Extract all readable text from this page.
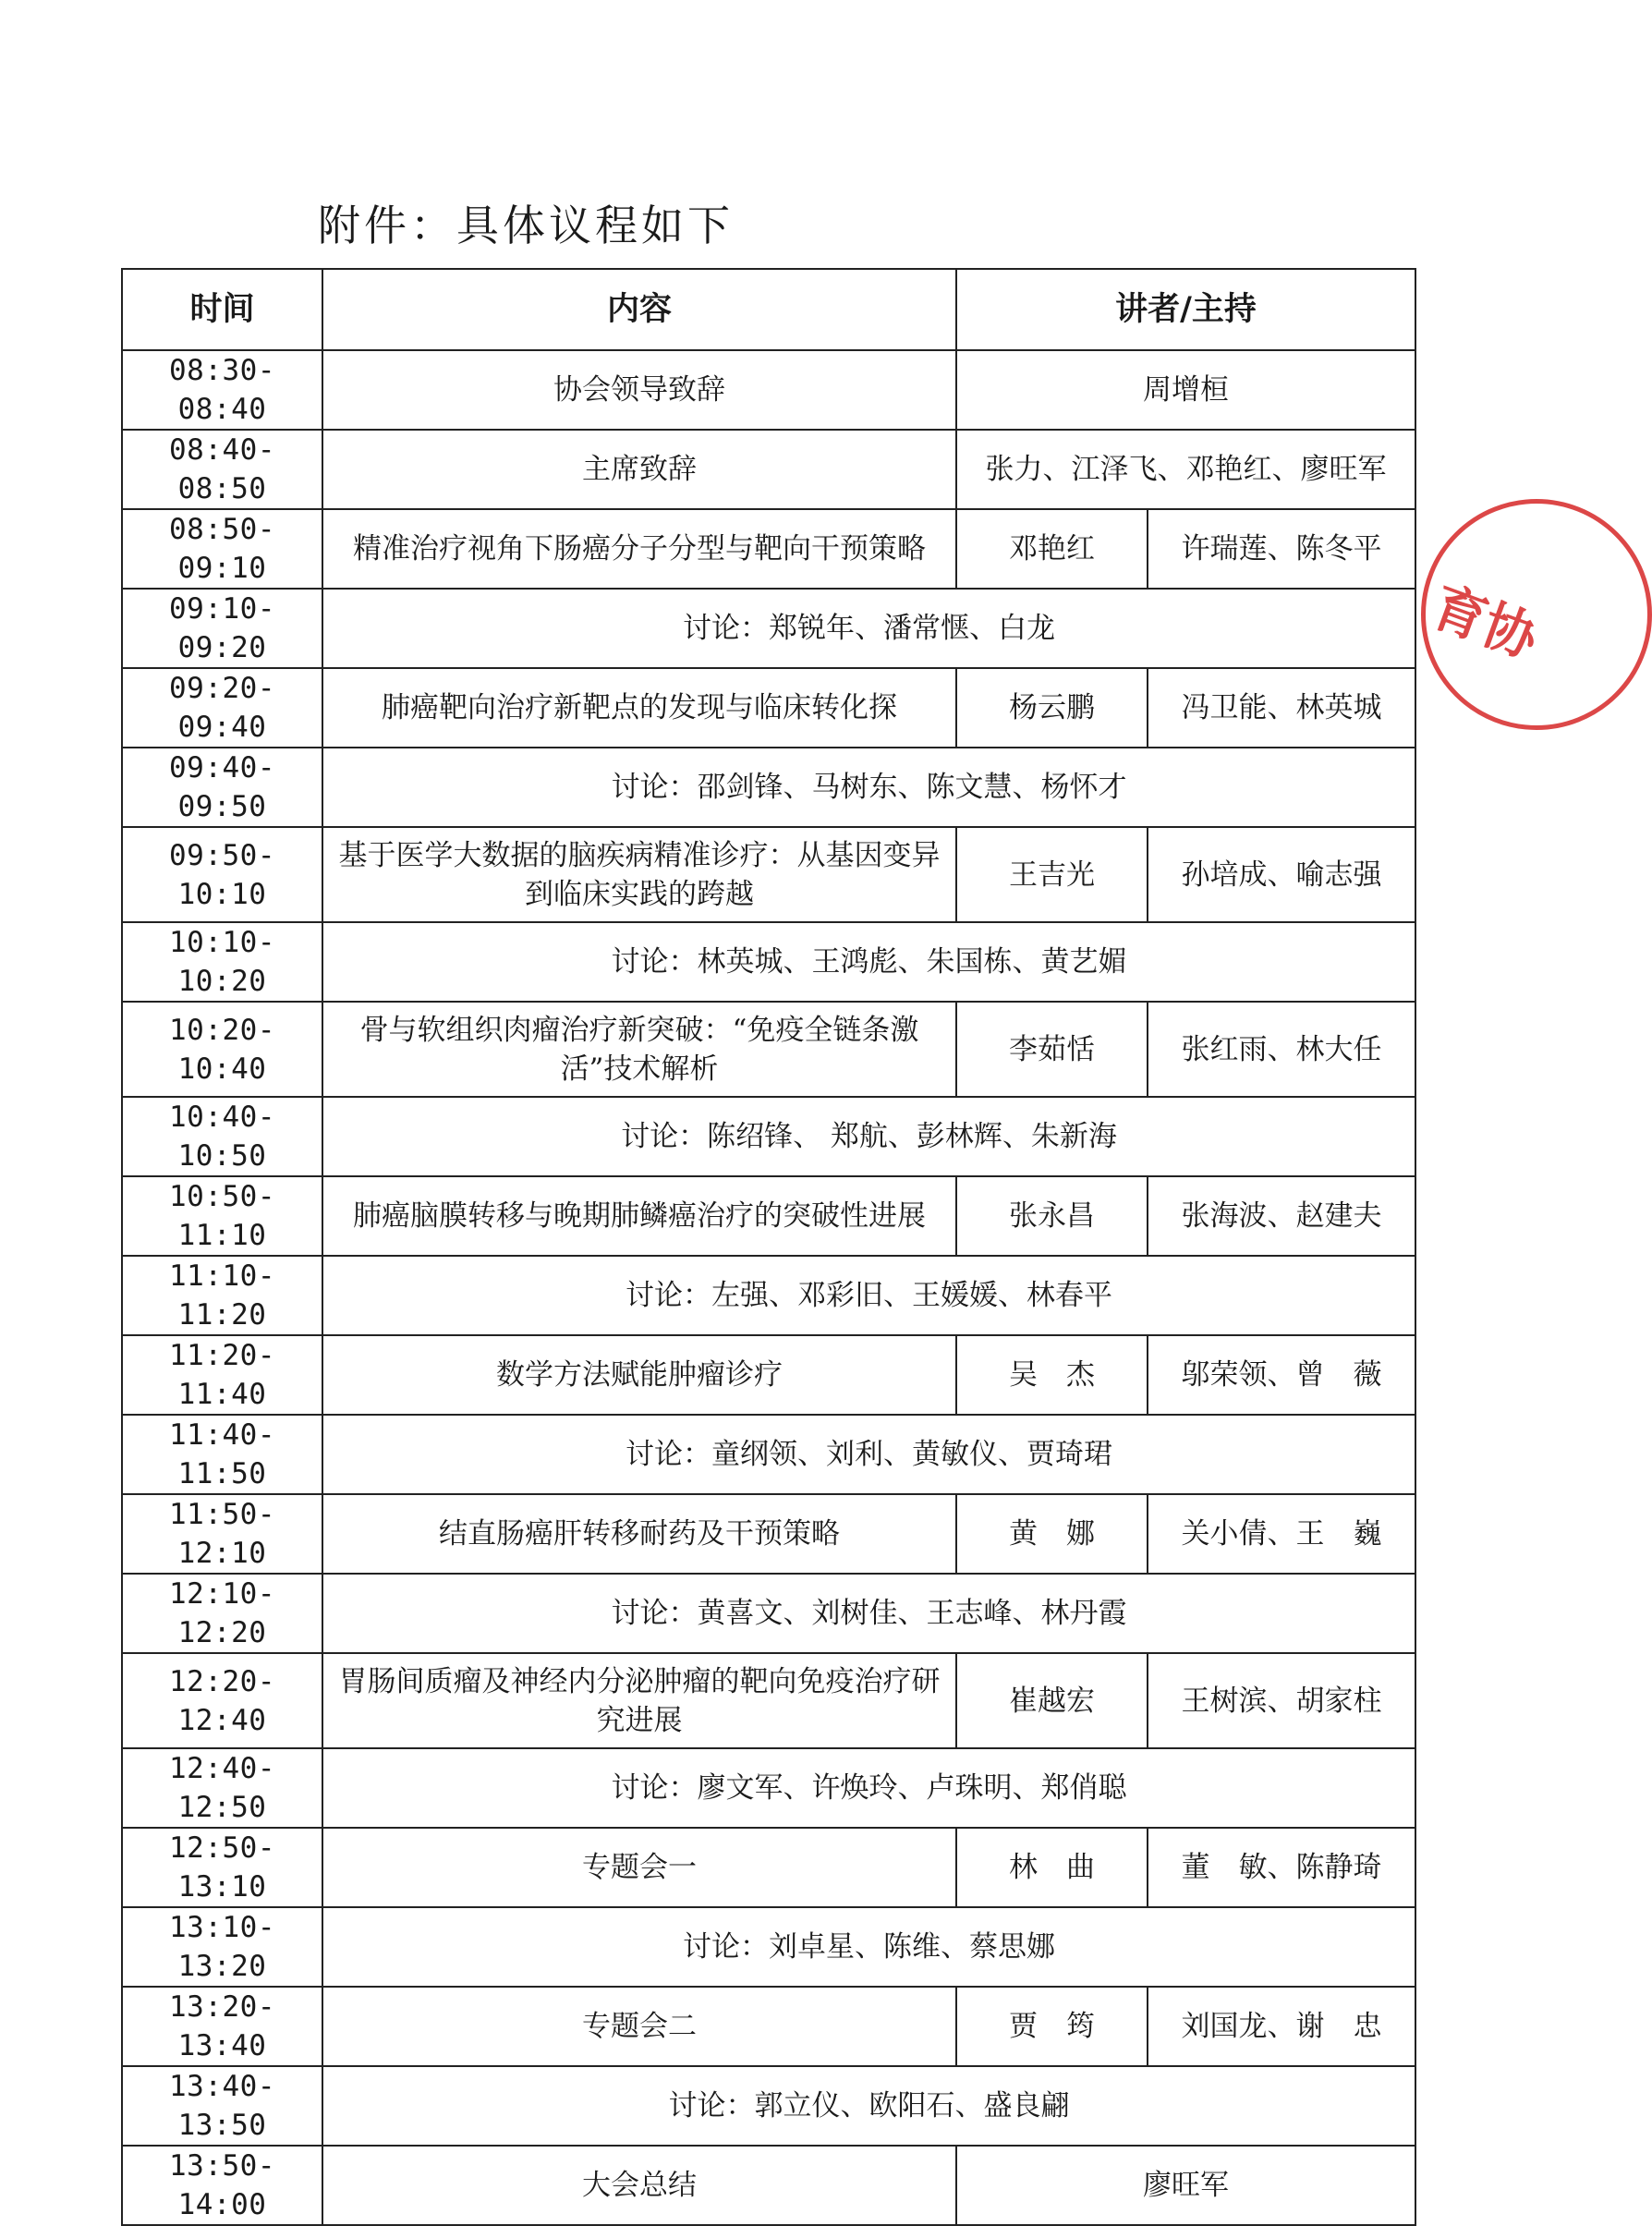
附件：具体议程如下
时间	内容	讲者/主持	
08:30-08:40	协会领导致辞	周增桓	
08:40-08:50	主席致辞	张力、江泽飞、邓艳红、廖旺军	
08:50-09:10	精准治疗视角下肠癌分子分型与靶向干预策略	邓艳红	许瑞莲、陈冬平
09:10-09:20	讨论：郑锐年、潘常惬、白龙		
09:20-09:40	肺癌靶向治疗新靶点的发现与临床转化探	杨云鹏	冯卫能、林英城
09:40-09:50	讨论：邵剑锋、马树东、陈文慧、杨怀才		
09:50-10:10	基于医学大数据的脑疾病精准诊疗：从基因变异到临床实践的跨越	王吉光	孙培成、喻志强
10:10-10:20	讨论：林英城、王鸿彪、朱国栋、黄艺媚		
10:20-10:40	骨与软组织肉瘤治疗新突破：“免疫全链条激活”技术解析	李茹恬	张红雨、林大任
10:40-10:50	讨论：陈绍锋、 郑航、彭林辉、朱新海		
10:50-11:10	肺癌脑膜转移与晚期肺鳞癌治疗的突破性进展	张永昌	张海波、赵建夫
11:10-11:20	讨论：左强、邓彩旧、王媛媛、林春平		
11:20-11:40	数学方法赋能肿瘤诊疗	吴　杰	邬荣领、曾　薇
11:40-11:50	讨论：童纲领、刘利、黄敏仪、贾琦珺		
11:50-12:10	结直肠癌肝转移耐药及干预策略	黄　娜	关小倩、王　巍
12:10-12:20	讨论：黄喜文、刘树佳、王志峰、林丹霞		
12:20-12:40	胃肠间质瘤及神经内分泌肿瘤的靶向免疫治疗研究进展	崔越宏	王树滨、胡家柱
12:40-12:50	讨论：廖文军、许焕玲、卢珠明、郑俏聪		
12:50-13:10	专题会一	林　曲	董　敏、陈静琦
13:10-13:20	讨论：刘卓星、陈维、蔡思娜		
13:20-13:40	专题会二	贾　筠	刘国龙、谢　忠
13:40-13:50	讨论：郭立仪、欧阳石、盛良翩		
13:50-14:00	大会总结	廖旺军	
育协
